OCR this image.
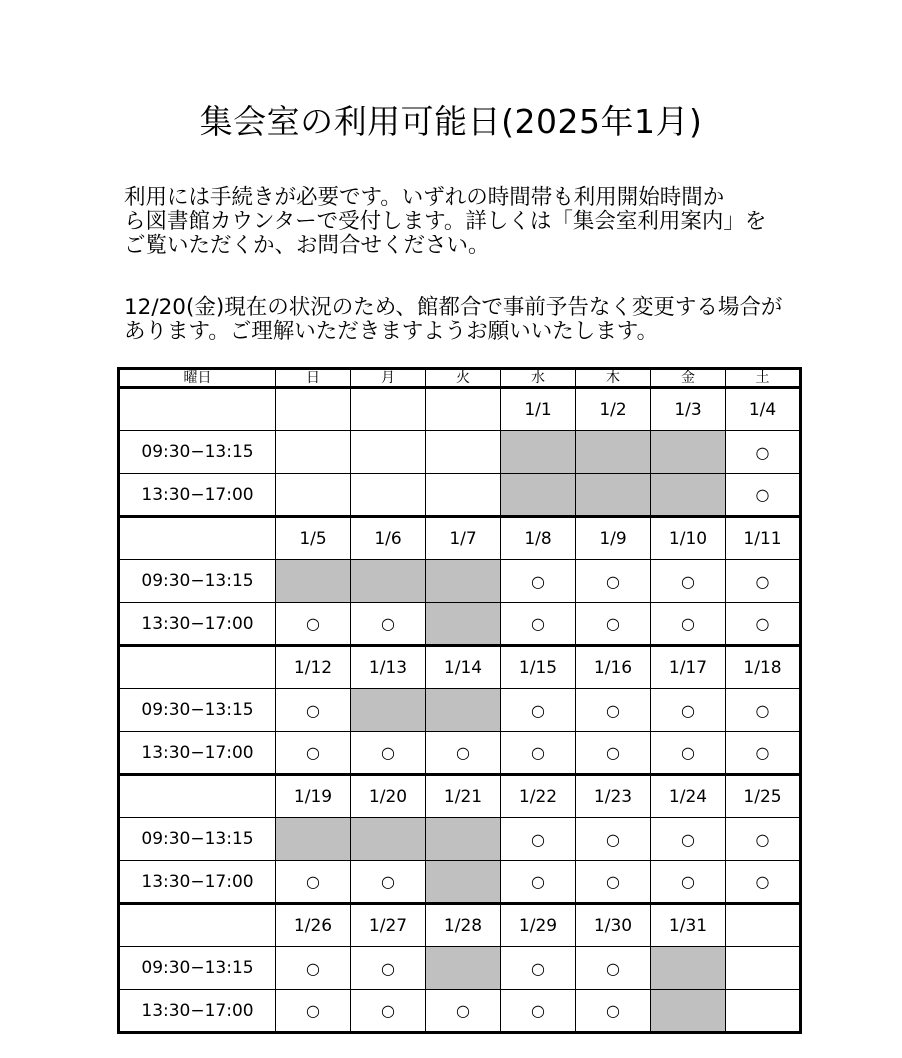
集会室の利用可能日(2025年1月)
利用には手続きが必要です。いずれの時間帯も利用開始時間か
ら図書館カウンターで受付します。詳しくは「集会室利用案内」を
ご覧いただくか、お問合せください。
12/20(金)現在の状況のため、館都合で事前予告なく変更する場合が
あります。ご理解いただきますようお願いいたします。
曜日	日	月	火	水	木	金	土
				1/1	1/2	1/3	1/4
09:30−13:15							○
13:30−17:00							○
	1/5	1/6	1/7	1/8	1/9	1/10	1/11
09:30−13:15				○	○	○	○
13:30−17:00	○	○		○	○	○	○
	1/12	1/13	1/14	1/15	1/16	1/17	1/18
09:30−13:15	○			○	○	○	○
13:30−17:00	○	○	○	○	○	○	○
	1/19	1/20	1/21	1/22	1/23	1/24	1/25
09:30−13:15				○	○	○	○
13:30−17:00	○	○		○	○	○	○
	1/26	1/27	1/28	1/29	1/30	1/31	
09:30−13:15	○	○		○	○		
13:30−17:00	○	○	○	○	○		
